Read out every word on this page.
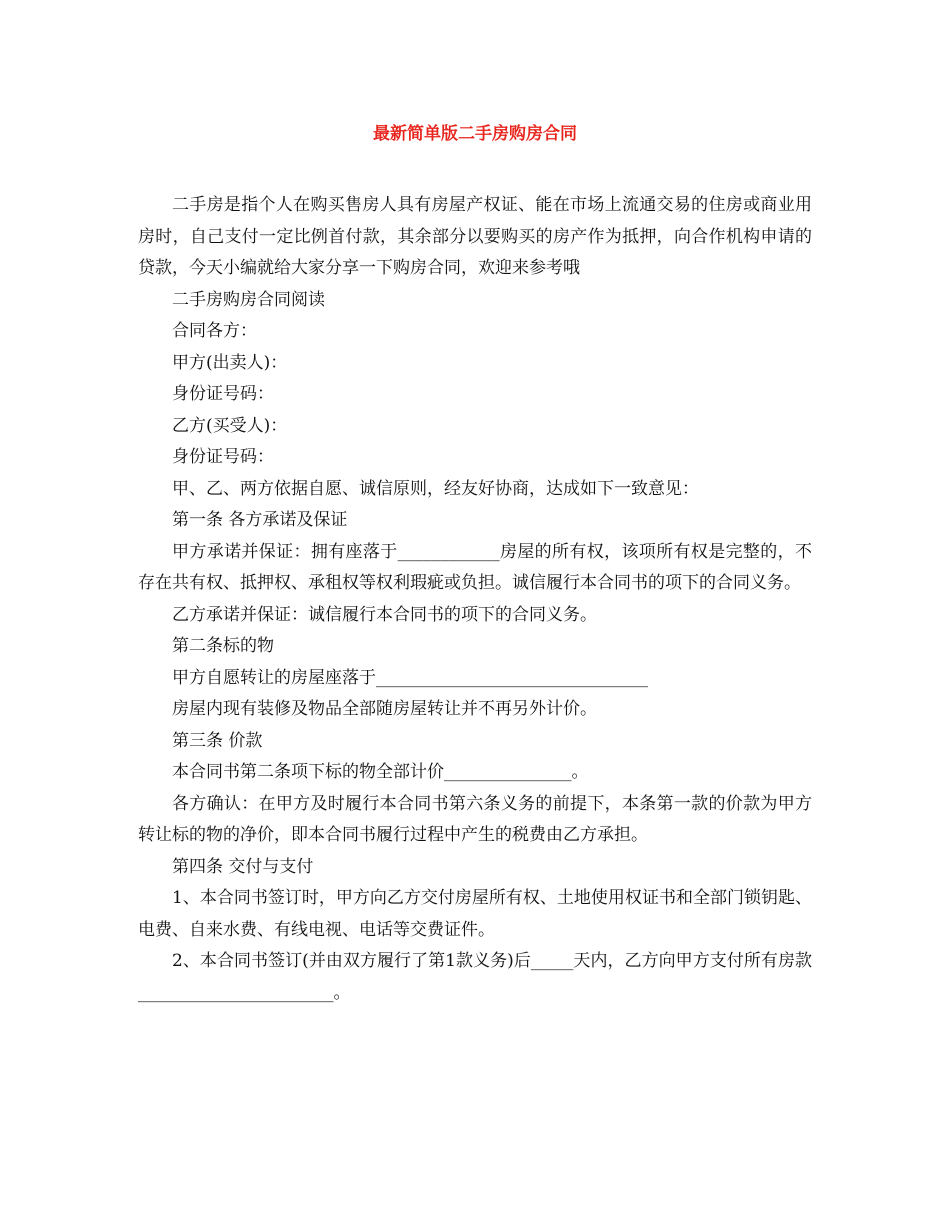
最新简单版二手房购房合同

二手房是指个人在购买售房人具有房屋产权证、能在市场上流通交易的住房或商业用房时，自己支付一定比例首付款，其余部分以要购买的房产作为抵押，向合作机构申请的贷款，今天小编就给大家分享一下购房合同，欢迎来参考哦

二手房购房合同阅读

合同各方：

甲方(出卖人)：

身份证号码：

乙方(买受人)：

身份证号码：

甲、乙、两方依据自愿、诚信原则，经友好协商，达成如下一致意见：

第一条 各方承诺及保证

甲方承诺并保证：拥有座落于____________房屋的所有权，该项所有权是完整的，不存在共有权、抵押权、承租权等权利瑕疵或负担。诚信履行本合同书的项下的合同义务。

乙方承诺并保证：诚信履行本合同书的项下的合同义务。

第二条标的物

甲方自愿转让的房屋座落于________________________________

房屋内现有装修及物品全部随房屋转让并不再另外计价。

第三条 价款

本合同书第二条项下标的物全部计价_______________。

各方确认：在甲方及时履行本合同书第六条义务的前提下，本条第一款的价款为甲方转让标的物的净价，即本合同书履行过程中产生的税费由乙方承担。

第四条 交付与支付

1、本合同书签订时，甲方向乙方交付房屋所有权、土地使用权证书和全部门锁钥匙、电费、自来水费、有线电视、电话等交费证件。

2、本合同书签订(并由双方履行了第1款义务)后_____天内，乙方向甲方支付所有房款_______________________。
